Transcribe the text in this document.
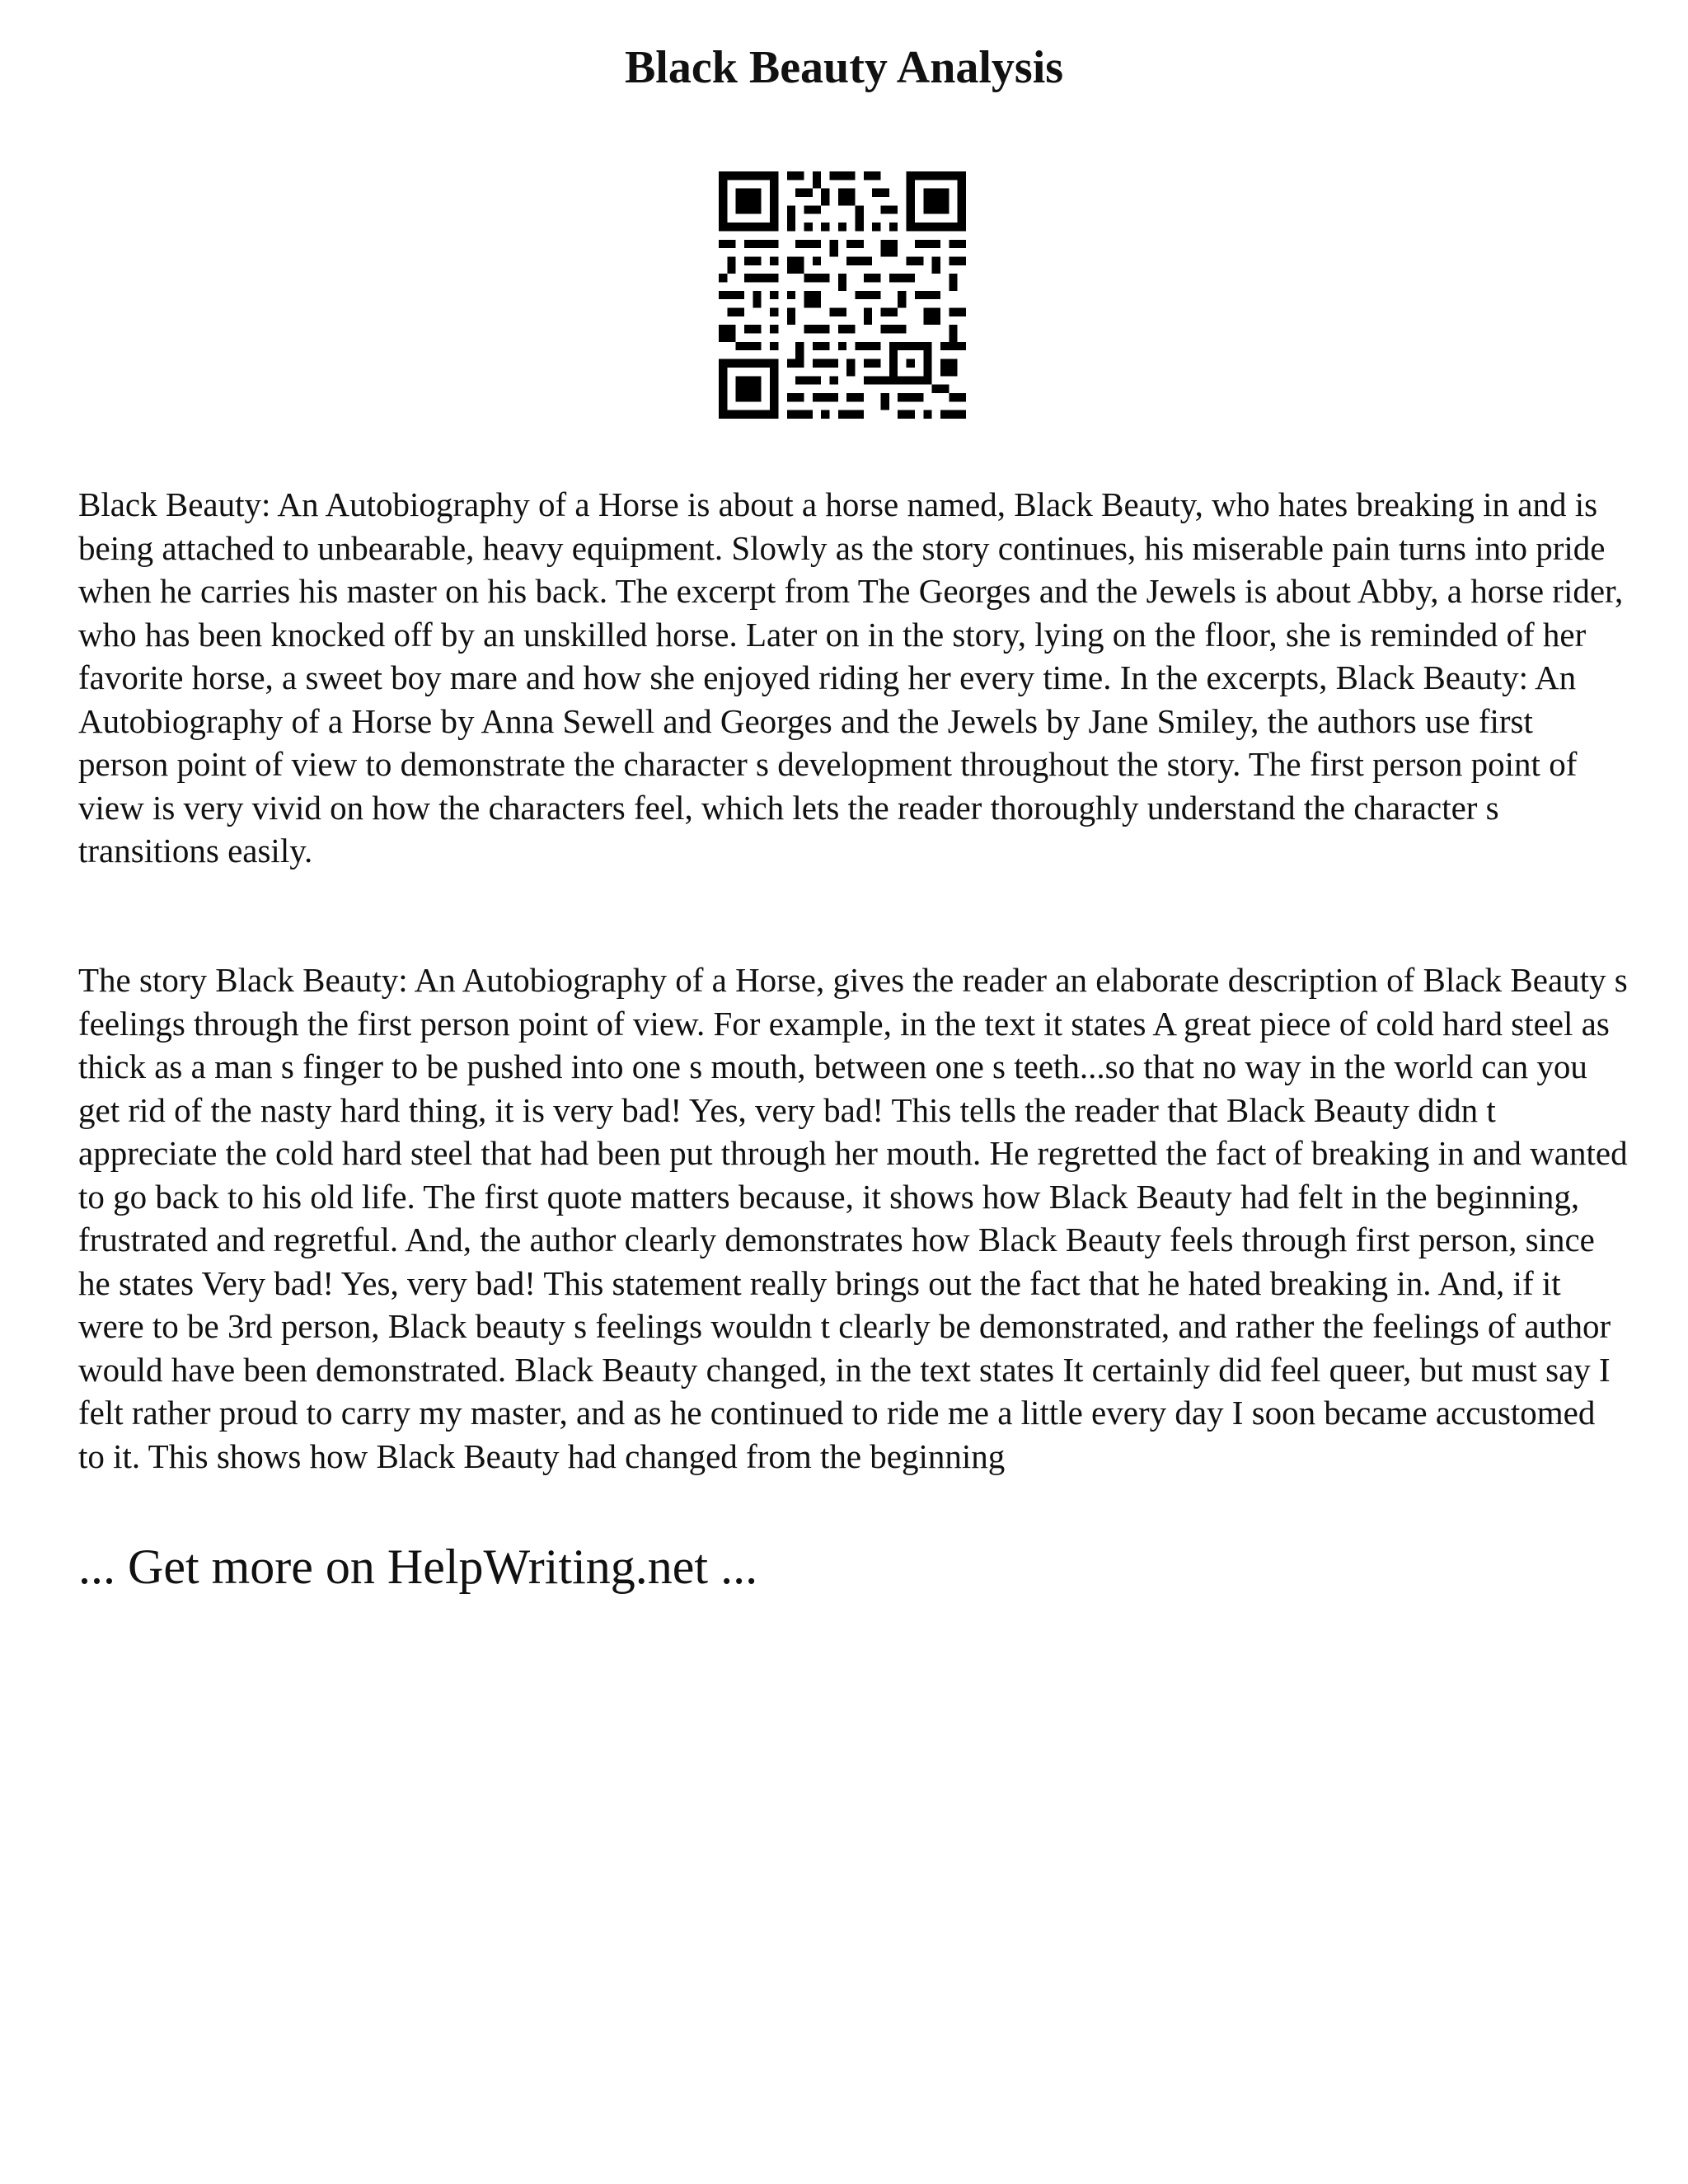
Black Beauty Analysis

Black Beauty: An Autobiography of a Horse is about a horse named, Black Beauty, who hates breaking in and is being attached to unbearable, heavy equipment. Slowly as the story continues, his miserable pain turns into pride when he carries his master on his back. The excerpt from The Georges and the Jewels is about Abby, a horse rider, who has been knocked off by an unskilled horse. Later on in the story, lying on the floor, she is reminded of her favorite horse, a sweet boy mare and how she enjoyed riding her every time. In the excerpts, Black Beauty: An Autobiography of a Horse by Anna Sewell and Georges and the Jewels by Jane Smiley, the authors use first person point of view to demonstrate the character s development throughout the story. The first person point of view is very vivid on how the characters feel, which lets the reader thoroughly understand the character s transitions easily.

The story Black Beauty: An Autobiography of a Horse, gives the reader an elaborate description of Black Beauty s feelings through the first person point of view. For example, in the text it states A great piece of cold hard steel as thick as a man s finger to be pushed into one s mouth, between one s teeth...so that no way in the world can you get rid of the nasty hard thing, it is very bad! Yes, very bad! This tells the reader that Black Beauty didn t appreciate the cold hard steel that had been put through her mouth. He regretted the fact of breaking in and wanted to go back to his old life. The first quote matters because, it shows how Black Beauty had felt in the beginning, frustrated and regretful. And, the author clearly demonstrates how Black Beauty feels through first person, since he states Very bad! Yes, very bad! This statement really brings out the fact that he hated breaking in. And, if it were to be 3rd person, Black beauty s feelings wouldn t clearly be demonstrated, and rather the feelings of author would have been demonstrated. Black Beauty changed, in the text states It certainly did feel queer, but must say I felt rather proud to carry my master, and as he continued to ride me a little every day I soon became accustomed to it. This shows how Black Beauty had changed from the beginning

... Get more on HelpWriting.net ...
